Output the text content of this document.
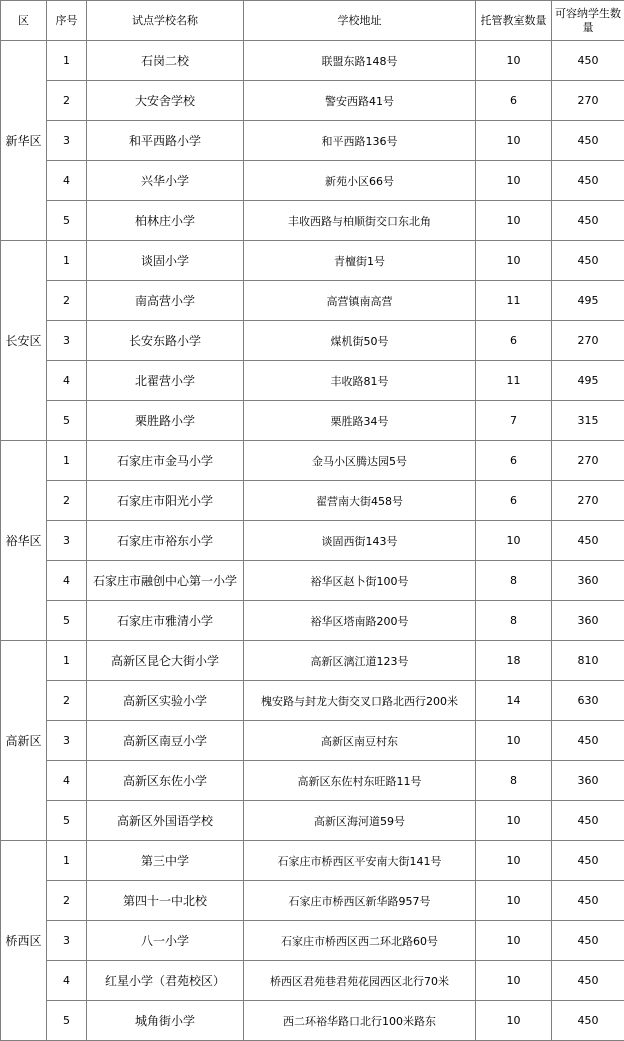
区	序号	试点学校名称	学校地址	托管教室数量	可容纳学生数量
新华区	1	石岗二校	联盟东路148号	10	450
	2	大安舍学校	警安西路41号	6	270
	3	和平西路小学	和平西路136号	10	450
	4	兴华小学	新苑小区66号	10	450
	5	柏林庄小学	丰收西路与柏顺街交口东北角	10	450
长安区	1	谈固小学	青檀街1号	10	450
	2	南高营小学	高营镇南高营	11	495
	3	长安东路小学	煤机街50号	6	270
	4	北翟营小学	丰收路81号	11	495
	5	栗胜路小学	栗胜路34号	7	315
裕华区	1	石家庄市金马小学	金马小区腾达园5号	6	270
	2	石家庄市阳光小学	翟营南大街458号	6	270
	3	石家庄市裕东小学	谈固西街143号	10	450
	4	石家庄市融创中心第一小学	裕华区赵卜街100号	8	360
	5	石家庄市雅清小学	裕华区塔南路200号	8	360
高新区	1	高新区昆仑大街小学	高新区漓江道123号	18	810
	2	高新区实验小学	槐安路与封龙大街交叉口路北西行200米	14	630
	3	高新区南豆小学	高新区南豆村东	10	450
	4	高新区东佐小学	高新区东佐村东旺路11号	8	360
	5	高新区外国语学校	高新区海河道59号	10	450
桥西区	1	第三中学	石家庄市桥西区平安南大街141号	10	450
	2	第四十一中北校	石家庄市桥西区新华路957号	10	450
	3	八一小学	石家庄市桥西区西二环北路60号	10	450
	4	红星小学（君苑校区）	桥西区君苑巷君苑花园西区北行70米	10	450
	5	城角街小学	西二环裕华路口北行100米路东	10	450
